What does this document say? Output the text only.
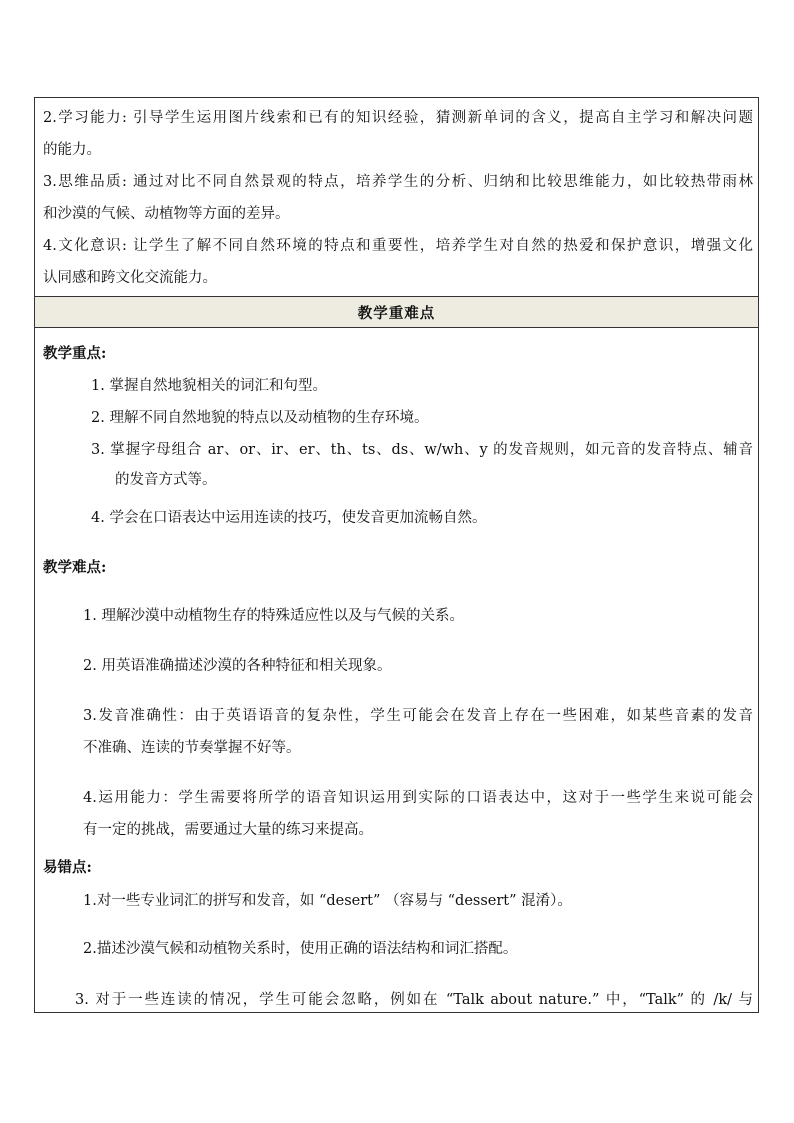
2.学习能力: 引导学生运用图片线索和已有的知识经验，猜测新单词的含义，提高自主学习和解决问题
的能力。
3.思维品质: 通过对比不同自然景观的特点，培养学生的分析、归纳和比较思维能力，如比较热带雨林
和沙漠的气候、动植物等方面的差异。
4.文化意识: 让学生了解不同自然环境的特点和重要性，培养学生对自然的热爱和保护意识，增强文化
认同感和跨文化交流能力。
教学重难点
教学重点:
1. 掌握自然地貌相关的词汇和句型。
2. 理解不同自然地貌的特点以及动植物的生存环境。
3. 掌握字母组合 ar、or、ir、er、th、ts、ds、w/wh、y 的发音规则，如元音的发音特点、辅音
的发音方式等。
4. 学会在口语表达中运用连读的技巧，使发音更加流畅自然。
教学难点:
1. 理解沙漠中动植物生存的特殊适应性以及与气候的关系。
2. 用英语准确描述沙漠的各种特征和相关现象。
3.发音准确性：由于英语语音的复杂性，学生可能会在发音上存在一些困难，如某些音素的发音
不准确、连读的节奏掌握不好等。
4.运用能力：学生需要将所学的语音知识运用到实际的口语表达中，这对于一些学生来说可能会
有一定的挑战，需要通过大量的练习来提高。
易错点:
1.对一些专业词汇的拼写和发音，如 “desert” （容易与 “dessert” 混淆）。
2.描述沙漠气候和动植物关系时，使用正确的语法结构和词汇搭配。
3. 对于一些连读的情况，学生可能会忽略，例如在 “Talk about nature.” 中，“Talk” 的 /k/ 与
